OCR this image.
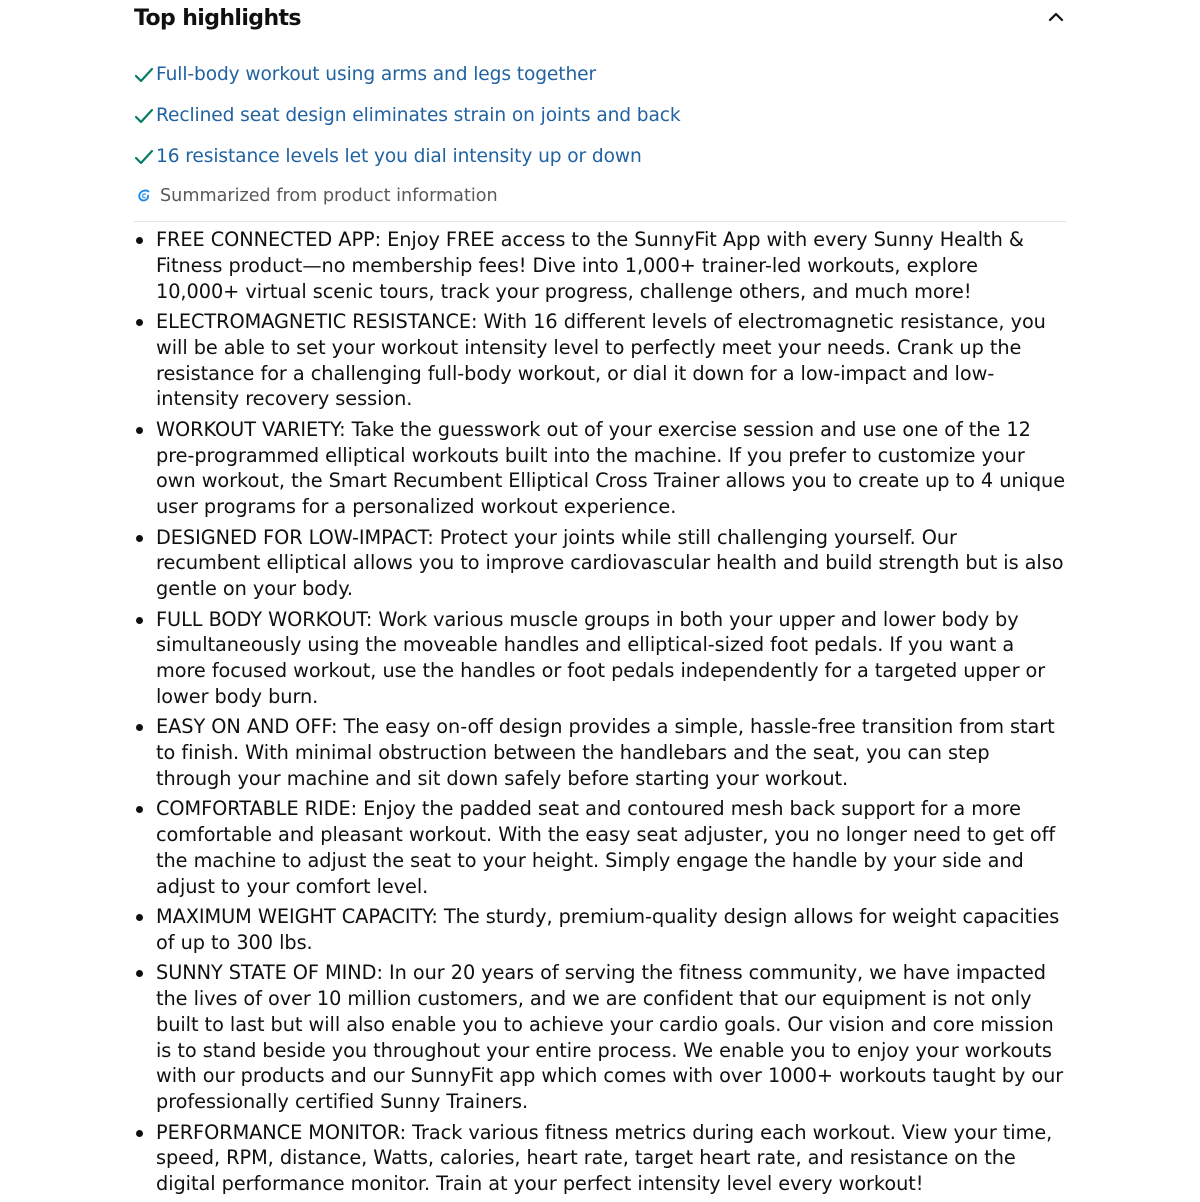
Top highlights
Full-body workout using arms and legs together
Reclined seat design eliminates strain on joints and back
16 resistance levels let you dial intensity up or down
Summarized from product information
FREE CONNECTED APP: Enjoy FREE access to the SunnyFit App with every Sunny Health & Fitness product—no membership fees! Dive into 1,000+ trainer-led workouts, explore 10,000+ virtual scenic tours, track your progress, challenge others, and much more!
ELECTROMAGNETIC RESISTANCE: With 16 different levels of electromagnetic resistance, you will be able to set your workout intensity level to perfectly meet your needs. Crank up the resistance for a challenging full-body workout, or dial it down for a low-impact and low-intensity recovery session.
WORKOUT VARIETY: Take the guesswork out of your exercise session and use one of the 12 pre-programmed elliptical workouts built into the machine. If you prefer to customize your own workout, the Smart Recumbent Elliptical Cross Trainer allows you to create up to 4 unique user programs for a personalized workout experience.
DESIGNED FOR LOW-IMPACT: Protect your joints while still challenging yourself. Our recumbent elliptical allows you to improve cardiovascular health and build strength but is also gentle on your body.
FULL BODY WORKOUT: Work various muscle groups in both your upper and lower body by simultaneously using the moveable handles and elliptical-sized foot pedals. If you want a more focused workout, use the handles or foot pedals independently for a targeted upper or lower body burn.
EASY ON AND OFF: The easy on-off design provides a simple, hassle-free transition from start to finish. With minimal obstruction between the handlebars and the seat, you can step through your machine and sit down safely before starting your workout.
COMFORTABLE RIDE: Enjoy the padded seat and contoured mesh back support for a more comfortable and pleasant workout. With the easy seat adjuster, you no longer need to get off the machine to adjust the seat to your height. Simply engage the handle by your side and adjust to your comfort level.
MAXIMUM WEIGHT CAPACITY: The sturdy, premium-quality design allows for weight capacities of up to 300 lbs.
SUNNY STATE OF MIND: In our 20 years of serving the fitness community, we have impacted the lives of over 10 million customers, and we are confident that our equipment is not only built to last but will also enable you to achieve your cardio goals. Our vision and core mission is to stand beside you throughout your entire process. We enable you to enjoy your workouts with our products and our SunnyFit app which comes with over 1000+ workouts taught by our professionally certified Sunny Trainers.
PERFORMANCE MONITOR: Track various fitness metrics during each workout. View your time, speed, RPM, distance, Watts, calories, heart rate, target heart rate, and resistance on the digital performance monitor. Train at your perfect intensity level every workout!
